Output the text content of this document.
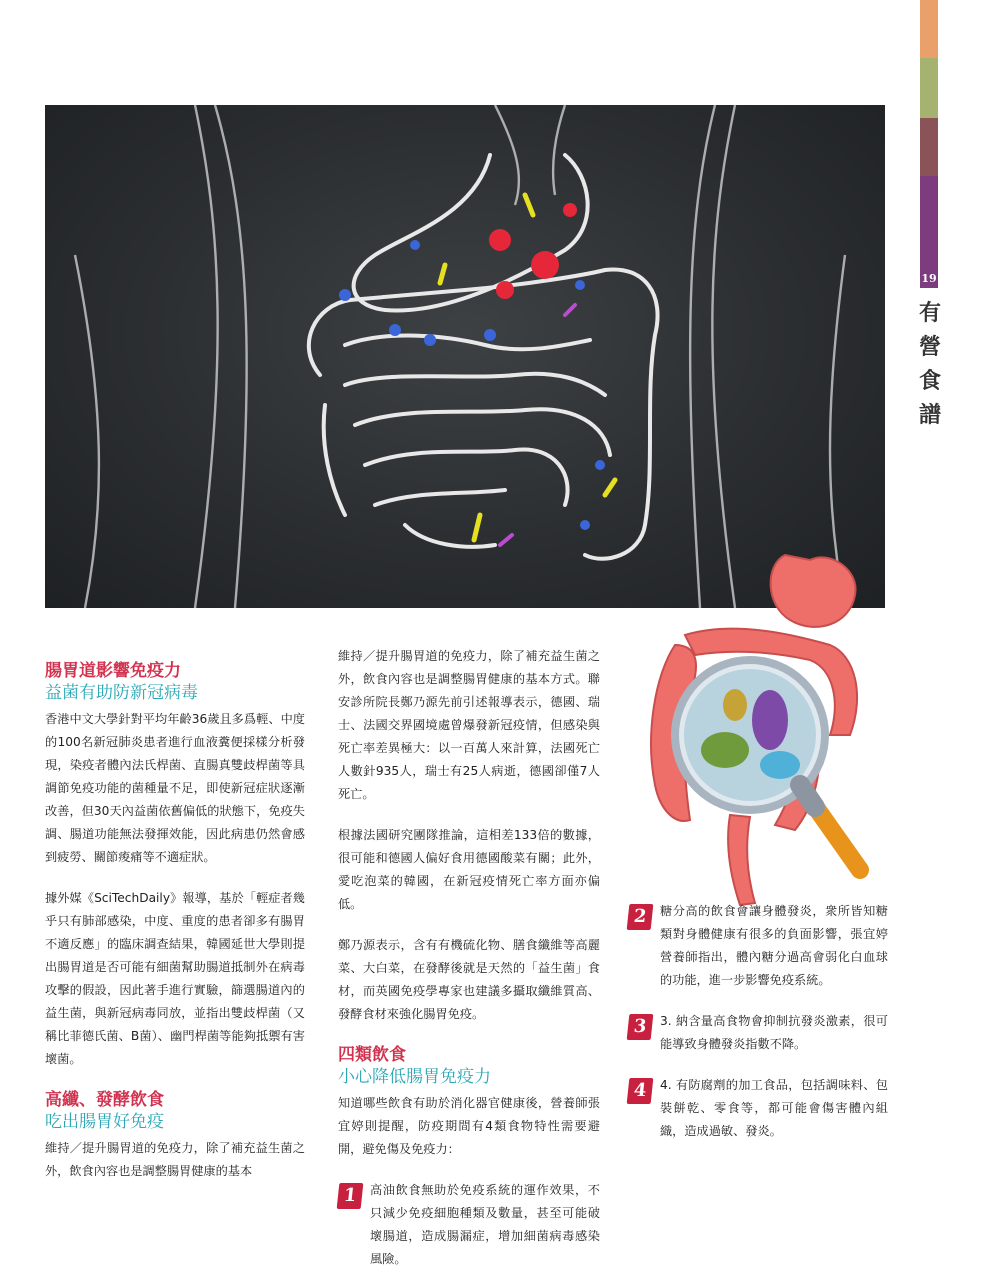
19
有營食譜
腸胃道影響免疫力
益菌有助防新冠病毒

香港中文大學針對平均年齡36歲且多爲輕、中度的100名新冠肺炎患者進行血液糞便採樣分析發現，染疫者體內法氏桿菌、直腸真雙歧桿菌等具調節免疫功能的菌種量不足，即使新冠症狀逐漸改善，但30天內益菌依舊偏低的狀態下，免疫失調、腸道功能無法發揮效能，因此病患仍然會感到疲勞、關節痠痛等不適症狀。

據外媒《SciTechDaily》報導，基於「輕症者幾乎只有肺部感染，中度、重度的患者卻多有腸胃不適反應」的臨床調查結果，韓國延世大學則提出腸胃道是否可能有細菌幫助腸道抵制外在病毒攻擊的假設，因此著手進行實驗，篩選腸道內的益生菌，與新冠病毒同放，並指出雙歧桿菌（又稱比菲德氏菌、B菌）、幽門桿菌等能夠抵禦有害壞菌。

高纖、發酵飲食
吃出腸胃好免疫

維持／提升腸胃道的免疫力，除了補充益生菌之外，飲食內容也是調整腸胃健康的基本

維持／提升腸胃道的免疫力，除了補充益生菌之外，飲食內容也是調整腸胃健康的基本方式。聯安診所院長鄭乃源先前引述報導表示，德國、瑞士、法國交界國境處曾爆發新冠疫情，但感染與死亡率差異極大：以一百萬人來計算，法國死亡人數針935人，瑞士有25人病逝，德國卻僅7人死亡。

根據法國研究團隊推論，這相差133倍的數據，很可能和德國人偏好食用德國酸菜有關；此外，愛吃泡菜的韓國，在新冠疫情死亡率方面亦偏低。

鄭乃源表示，含有有機硫化物、膳食纖維等高麗菜、大白菜，在發酵後就是天然的「益生菌」食材，而英國免疫學專家也建議多攝取纖維質高、發酵食材來強化腸胃免疫。

四類飲食
小心降低腸胃免疫力

知道哪些飲食有助於消化器官健康後，營養師張宜婷則提醒，防疫期間有4類食物特性需要避開，避免傷及免疫力：

1	高油飲食無助於免疫系統的運作效果，不只減少免疫細胞種類及數量，甚至可能破壞腸道，造成腸漏症，增加細菌病毒感染風險。
2	糖分高的飲食會讓身體發炎，衆所皆知糖類對身體健康有很多的負面影響，張宜婷營養師指出，體內糖分過高會弱化白血球的功能，進一步影響免疫系統。
3	3. 納含量高食物會抑制抗發炎激素，很可能導致身體發炎指數不降。
4	4. 有防腐劑的加工食品，包括調味料、包裝餅乾、零食等，都可能會傷害體內組織，造成過敏、發炎。
